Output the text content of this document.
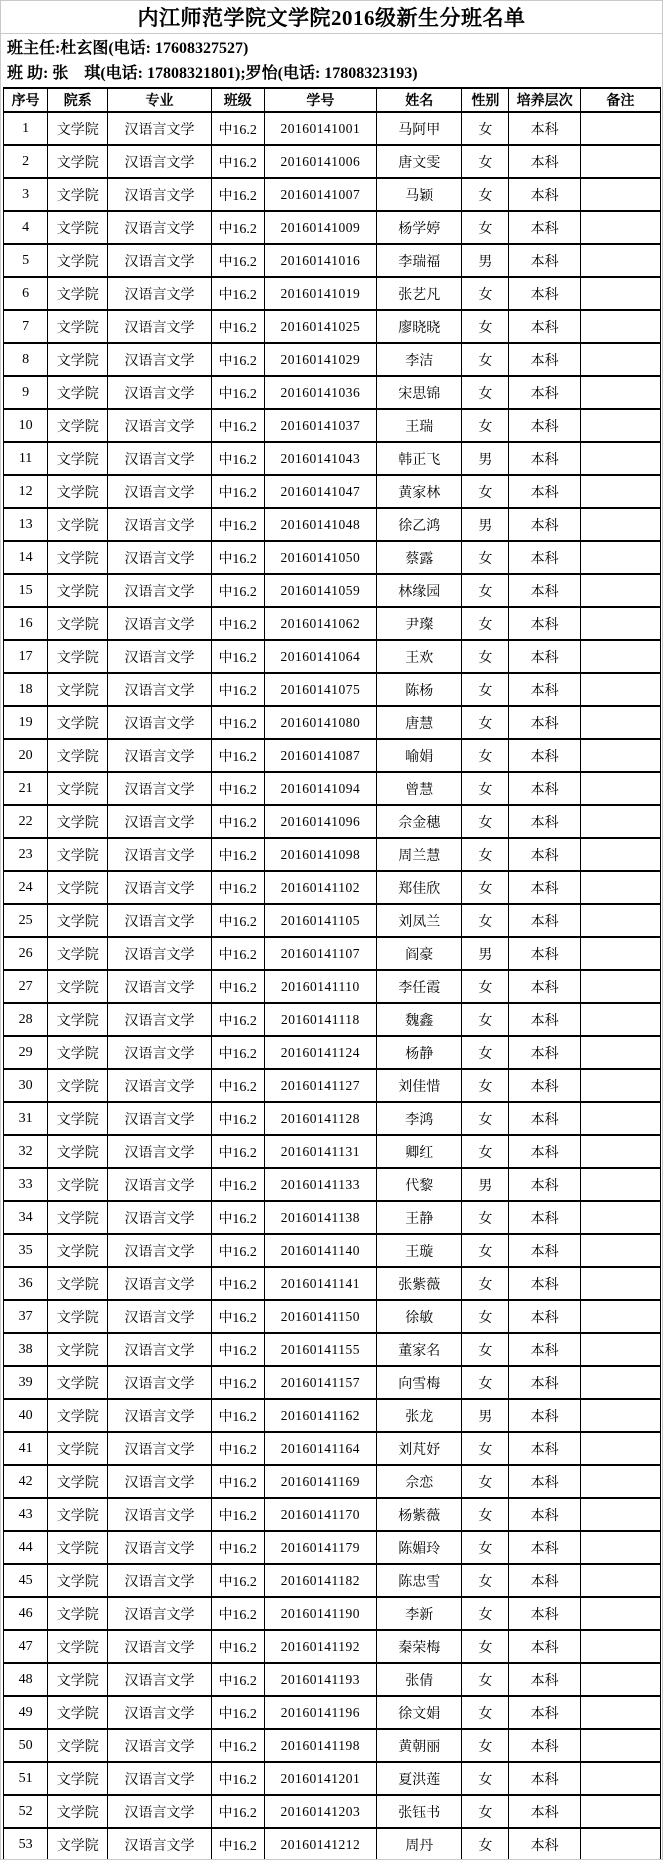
内江师范学院文学院2016级新生分班名单
班主任:杜玄图(电话: 17608327527)
班 助: 张　琪(电话: 17808321801);罗怡(电话: 17808323193)
序号	院系	专业	班级	学号	姓名	性别	培养层次	备注
1	文学院	汉语言文学	中16.2	20160141001	马阿甲	女	本科	
2	文学院	汉语言文学	中16.2	20160141006	唐文雯	女	本科	
3	文学院	汉语言文学	中16.2	20160141007	马颖	女	本科	
4	文学院	汉语言文学	中16.2	20160141009	杨学婷	女	本科	
5	文学院	汉语言文学	中16.2	20160141016	李瑞福	男	本科	
6	文学院	汉语言文学	中16.2	20160141019	张艺凡	女	本科	
7	文学院	汉语言文学	中16.2	20160141025	廖晓晓	女	本科	
8	文学院	汉语言文学	中16.2	20160141029	李洁	女	本科	
9	文学院	汉语言文学	中16.2	20160141036	宋思锦	女	本科	
10	文学院	汉语言文学	中16.2	20160141037	王瑞	女	本科	
11	文学院	汉语言文学	中16.2	20160141043	韩正飞	男	本科	
12	文学院	汉语言文学	中16.2	20160141047	黄家林	女	本科	
13	文学院	汉语言文学	中16.2	20160141048	徐乙鸿	男	本科	
14	文学院	汉语言文学	中16.2	20160141050	蔡露	女	本科	
15	文学院	汉语言文学	中16.2	20160141059	林缘园	女	本科	
16	文学院	汉语言文学	中16.2	20160141062	尹璨	女	本科	
17	文学院	汉语言文学	中16.2	20160141064	王欢	女	本科	
18	文学院	汉语言文学	中16.2	20160141075	陈杨	女	本科	
19	文学院	汉语言文学	中16.2	20160141080	唐慧	女	本科	
20	文学院	汉语言文学	中16.2	20160141087	喻娟	女	本科	
21	文学院	汉语言文学	中16.2	20160141094	曾慧	女	本科	
22	文学院	汉语言文学	中16.2	20160141096	佘金穗	女	本科	
23	文学院	汉语言文学	中16.2	20160141098	周兰慧	女	本科	
24	文学院	汉语言文学	中16.2	20160141102	郑佳欣	女	本科	
25	文学院	汉语言文学	中16.2	20160141105	刘凤兰	女	本科	
26	文学院	汉语言文学	中16.2	20160141107	阎豪	男	本科	
27	文学院	汉语言文学	中16.2	20160141110	李任霞	女	本科	
28	文学院	汉语言文学	中16.2	20160141118	魏鑫	女	本科	
29	文学院	汉语言文学	中16.2	20160141124	杨静	女	本科	
30	文学院	汉语言文学	中16.2	20160141127	刘佳惜	女	本科	
31	文学院	汉语言文学	中16.2	20160141128	李鸿	女	本科	
32	文学院	汉语言文学	中16.2	20160141131	卿红	女	本科	
33	文学院	汉语言文学	中16.2	20160141133	代黎	男	本科	
34	文学院	汉语言文学	中16.2	20160141138	王静	女	本科	
35	文学院	汉语言文学	中16.2	20160141140	王璇	女	本科	
36	文学院	汉语言文学	中16.2	20160141141	张紫薇	女	本科	
37	文学院	汉语言文学	中16.2	20160141150	徐敏	女	本科	
38	文学院	汉语言文学	中16.2	20160141155	董家名	女	本科	
39	文学院	汉语言文学	中16.2	20160141157	向雪梅	女	本科	
40	文学院	汉语言文学	中16.2	20160141162	张龙	男	本科	
41	文学院	汉语言文学	中16.2	20160141164	刘芃妤	女	本科	
42	文学院	汉语言文学	中16.2	20160141169	佘恋	女	本科	
43	文学院	汉语言文学	中16.2	20160141170	杨紫薇	女	本科	
44	文学院	汉语言文学	中16.2	20160141179	陈媚玲	女	本科	
45	文学院	汉语言文学	中16.2	20160141182	陈忠雪	女	本科	
46	文学院	汉语言文学	中16.2	20160141190	李新	女	本科	
47	文学院	汉语言文学	中16.2	20160141192	秦荣梅	女	本科	
48	文学院	汉语言文学	中16.2	20160141193	张倩	女	本科	
49	文学院	汉语言文学	中16.2	20160141196	徐文娟	女	本科	
50	文学院	汉语言文学	中16.2	20160141198	黄朝丽	女	本科	
51	文学院	汉语言文学	中16.2	20160141201	夏洪莲	女	本科	
52	文学院	汉语言文学	中16.2	20160141203	张钰书	女	本科	
53	文学院	汉语言文学	中16.2	20160141212	周丹	女	本科	
